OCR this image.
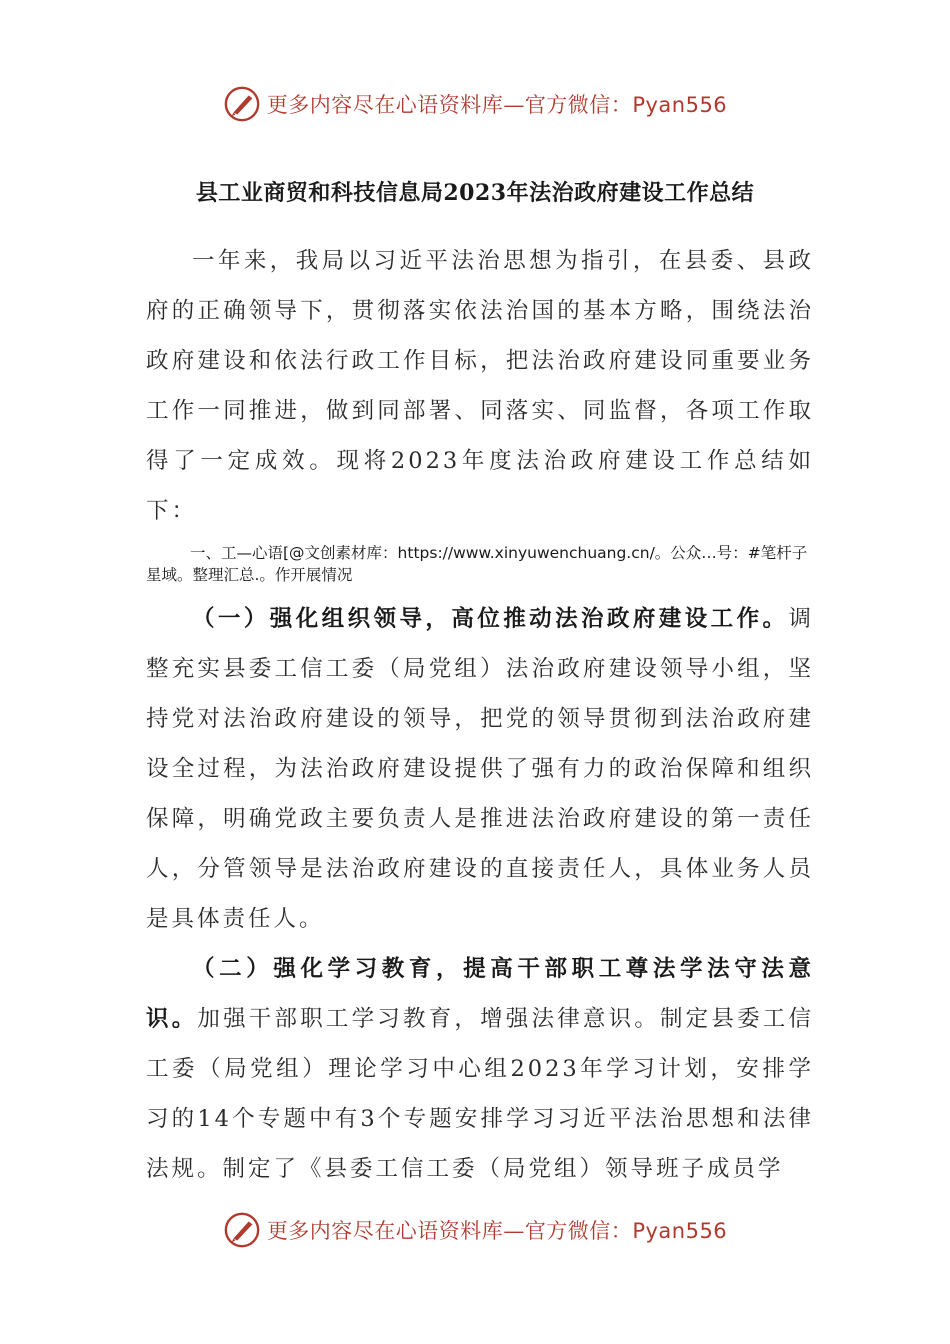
更多内容尽在心语资料库—官方微信：Pyan556
县工业商贸和科技信息局2023年法治政府建设工作总结

一年来，我局以习近平法治思想为指引，在县委、县政府的正确领导下，贯彻落实依法治国的基本方略，围绕法治政府建设和依法行政工作目标，把法治政府建设同重要业务工作一同推进，做到同部署、同落实、同监督，各项工作取得了一定成效。现将2023年度法治政府建设工作总结如下：

一、工—心语[@文创素材库：https://www.xinyuwenchuang.cn/。公众…号：#笔杆子星域。整理汇总.。作开展情况

（一）强化组织领导，高位推动法治政府建设工作。调整充实县委工信工委（局党组）法治政府建设领导小组，坚持党对法治政府建设的领导，把党的领导贯彻到法治政府建设全过程，为法治政府建设提供了强有力的政治保障和组织保障，明确党政主要负责人是推进法治政府建设的第一责任人，分管领导是法治政府建设的直接责任人，具体业务人员是具体责任人。

（二）强化学习教育，提高干部职工尊法学法守法意识。加强干部职工学习教育，增强法律意识。制定县委工信工委（局党组）理论学习中心组2023年学习计划，安排学习的14个专题中有3个专题安排学习习近平法治思想和法律法规。制定了《县委工信工委（局党组）领导班子成员学

更多内容尽在心语资料库—官方微信：Pyan556
